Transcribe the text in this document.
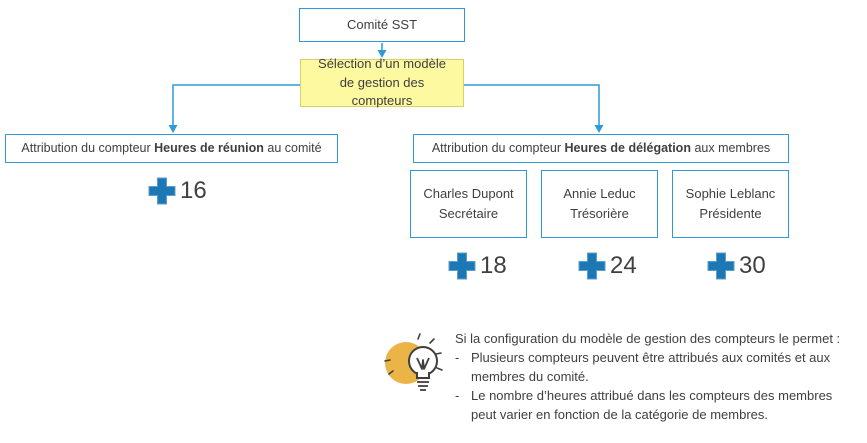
Comité SST
Sélection d’un modèle de gestion des compteurs
Attribution du compteur Heures de réunion au comité	Attribution du compteur Heures de délégation aux membres
Charles Dupont
Secrétaire
Annie Leduc
Trésorière
Sophie Leblanc
Présidente
16
18	24	30
Si la configuration du modèle de gestion des compteurs le permet :
- Plusieurs compteurs peuvent être attribués aux comités et aux membres du comité.
- Le nombre d’heures attribué dans les compteurs des membres peut varier en fonction de la catégorie de membres.
